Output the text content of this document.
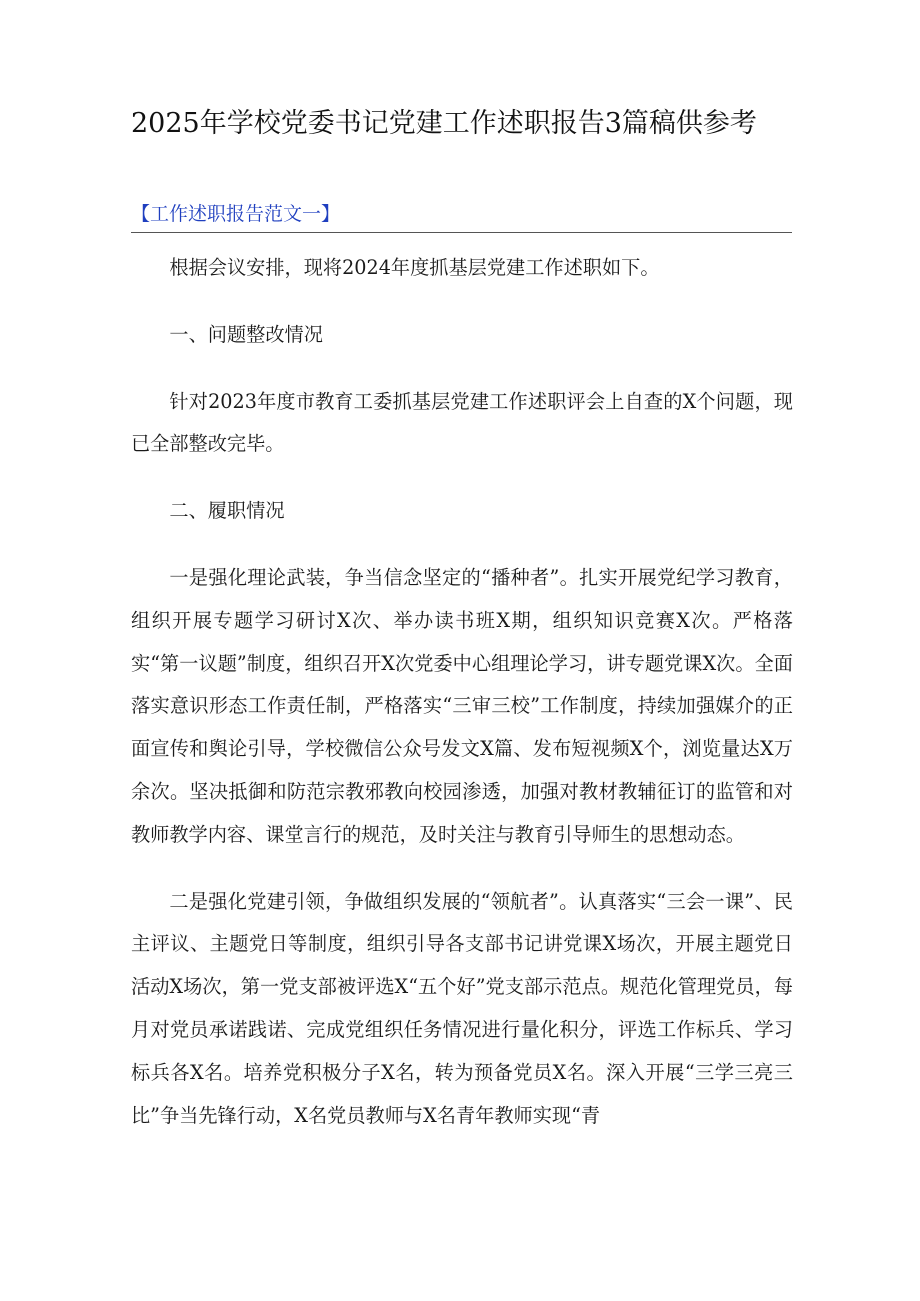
2025年学校党委书记党建工作述职报告3篇稿供参考
【工作述职报告范文一】

根据会议安排，现将2024年度抓基层党建工作述职如下。

一、问题整改情况

针对2023年度市教育工委抓基层党建工作述职评会上自查的X个问题，现已全部整改完毕。

二、履职情况

一是强化理论武装，争当信念坚定的“播种者”。扎实开展党纪学习教育，组织开展专题学习研讨X次、举办读书班X期，组织知识竞赛X次。严格落实“第一议题”制度，组织召开X次党委中心组理论学习，讲专题党课X次。全面落实意识形态工作责任制，严格落实“三审三校”工作制度，持续加强媒介的正面宣传和舆论引导，学校微信公众号发文X篇、发布短视频X个，浏览量达X万余次。坚决抵御和防范宗教邪教向校园渗透，加强对教材教辅征订的监管和对教师教学内容、课堂言行的规范，及时关注与教育引导师生的思想动态。

二是强化党建引领，争做组织发展的“领航者”。认真落实“三会一课”、民主评议、主题党日等制度，组织引导各支部书记讲党课X场次，开展主题党日活动X场次，第一党支部被评选X“五个好”党支部示范点。规范化管理党员，每月对党员承诺践诺、完成党组织任务情况进行量化积分，评选工作标兵、学习标兵各X名。培养党积极分子X名，转为预备党员X名。深入开展“三学三亮三比”争当先锋行动，X名党员教师与X名青年教师实现“青
